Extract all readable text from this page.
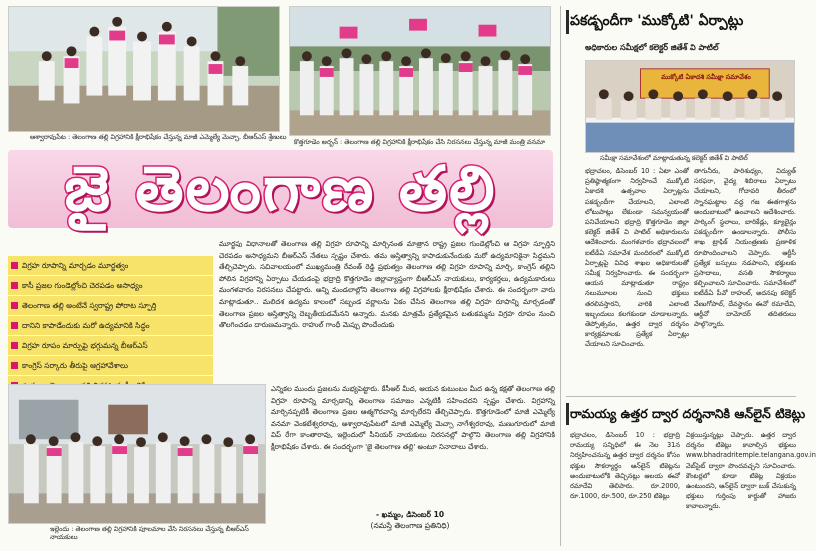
ఆశ్వారావుపేట : తెలంగాణ తల్లి విగ్రహానికి క్షీరాభిషేకం చేస్తున్న మాజీ ఎమ్మెల్యే మెచ్చా, బీఆర్ఎస్ శ్రేణులు
కొత్తగూడెం అర్బన్ : తెలంగాణ తల్లి విగ్రహానికి క్షీరాభిషేకం చేసి నిరసనలు చేస్తున్న మాజీ మంత్రి వనమా
జై తెలంగాణ తల్లి
విగ్రహ రూపాన్ని మార్చడం మూర్ఖత్వం
కాసీ ప్రజల గుండెల్లోంచి చెరపడం అసాధ్యం
తెలంగాణ తల్లి అంటేనే స్వరాష్ట్ర పోరాట స్ఫూర్తి
దానిని కాపాడేందుకు మరో ఉద్యమానికి సిద్ధం
విగ్రహ రూపం మార్పుపై భగ్గుమన్న బీఆర్ఎస్
కాంగ్రెస్ సర్కారు తీరుపై ఆగ్రహావేశాలు

మూర్ఖపు విధానాలతో తెలంగాణ తల్లి విగ్రహ రూపాన్ని మార్చినంత మాత్రాన రాష్ట్ర ప్రజల గుండెల్లోంచి ఆ విగ్రహ స్ఫూర్తిని చెరపడం అసాధ్యమని బీఆర్ఎస్ నేతలు స్పష్టం చేశారు. తమ ఆస్తిత్వాన్ని కాపాడుకునేందుకు మరో ఉద్యమానికైనా సిద్ధమని తేల్చిచెప్పారు. సచివాలయంలో ముఖ్యమంత్రి రేవంత్ రెడ్డి ప్రభుత్వం తెలంగాణ తల్లి విగ్రహ రూపాన్ని మార్చి, కాంగ్రెస్ తల్లిని పోలిన విగ్రహాన్ని ఏర్పాటు చేయడంపై భద్రాద్రి కొత్తగూడెం జిల్లావ్యాప్తంగా బీఆర్ఎస్ నాయకులు, కార్యకర్తలు, ఉద్యమకారులు మంగళవారం నిరసనలు చేపట్టారు. అన్ని మండలాల్లోని తెలంగాణ తల్లి విగ్రహాలకు క్షీరాభిషేకం చేశారు. ఈ సందర్భంగా వారు మాట్లాడుతూ.. మలిదశ ఉద్యమ కాలంలో సబ్బండ వర్ణాలను ఏకం చేసిన తెలంగాణ తల్లి విగ్రహ రూపాన్ని మార్చడంతో తెలంగాణ ప్రజల ఆస్తిత్వాన్ని దెబ్బతీయడమేనని అన్నారు. మనకు మాత్రమే ప్రత్యేకమైన బతుకమ్మను విగ్రహ రూపం నుంచి తొలగించడం దారుణమన్నారు. రాహుల్ గాంధీ మెప్పు పొందేందుకు

ఇల్లెందు : తెలంగాణ తల్లి విగ్రహానికి పూలమాల వేసి నిరసనలు చేస్తున్న బీఆర్ఎస్ నాయకులు

ఎన్నికల ముందు ప్రజలను మభ్యపెట్టారు. కేసీఆర్ మీద, ఆయన కుటుంబం మీద ఉన్న కక్షతో తెలంగాణ తల్లి విగ్రహ రూపాన్ని మార్చడాన్ని తెలంగాణ సమాజం ఎన్నటికీ సహించదని స్పష్టం చేశారు. విగ్రహాన్ని మార్చినప్పటికీ తెలంగాణ ప్రజల ఆత్మగౌరవాన్ని మార్చలేరని తేల్చిచెప్పారు. కొత్తగూడెంలో మాజీ ఎమ్మెల్యే వనమా వెంకటేశ్వరరావు, అశ్వారావుపేటలో మాజీ ఎమ్మెల్యే మెచ్చా నాగేశ్వరరావు, మణుగూరులో మాజీ విప్ రేగా కాంతారావు, ఇల్లెందులో సీనియర్ నాయకులు నిరసనల్లో పాల్గొని తెలంగాణ తల్లి విగ్రహానికి క్షీరాభిషేకం చేశారు. ఈ సందర్భంగా 'జై తెలంగాణ తల్లి' అంటూ నినాదాలు చేశారు.

- ఖమ్మం, డిసెంబర్ 10
(నమస్తే తెలంగాణ ప్రతినిధి)
పకడ్బందీగా 'ముక్కోటి' ఏర్పాట్లు
అధికారుల సమీక్షలో కలెక్టర్ జితేశ్ వి పాటిల్
ముక్కోటి ఏకాదశి సమీక్షా సమావేశం
సమీక్షా సమావేశంలో మాట్లాడుతున్న కలెక్టర్ జితేశ్ వి పాటిల్

భద్రాచలం, డిసెంబర్ 10 : ఏటా ఎంతో ప్రతిష్ఠాత్మకంగా నిర్వహించే ముక్కోటి ఏకాదశి ఉత్సవాల ఏర్పాట్లను పకడ్బందీగా చేయాలని, ఎలాంటి లోటుపాట్లు లేకుండా సమన్వయంతో పనిచేయాలని భద్రాద్రి కొత్తగూడెం జిల్లా కలెక్టర్ జితేశ్ వి పాటిల్ అధికారులను ఆదేశించారు. మంగళవారం భద్రాచలంలో ఐటీడీఏ సమావేశ మందిరంలో ముక్కోటి ఏర్పాట్లపై వివిధ శాఖల అధికారులతో సమీక్ష నిర్వహించారు. ఈ సందర్భంగా ఆయన మాట్లాడుతూ రాష్ట్రం నలుమూలల నుంచి భక్తులు తరలివస్తారని, వారికి ఎలాంటి ఇబ్బందులు కలగకుండా చూడాలన్నారు. తెప్పోత్సవం, ఉత్తర ద్వార దర్శనం కార్యక్రమాలకు ప్రత్యేక ఏర్పాట్లు చేయాలని సూచించారు.

తాగునీరు, పారిశుధ్యం, విద్యుత్ సరఫరా, వైద్య శిబిరాలు ఏర్పాటు చేయాలని, గోదావరి తీరంలో స్నానఘట్టాల వద్ద గజ ఈతగాళ్లను అందుబాటులో ఉంచాలని ఆదేశించారు. పార్కింగ్ స్థలాలు, బారికేడ్లు, క్యూలైన్లు పకడ్బందీగా ఉండాలన్నారు. పోలీసు శాఖ ట్రాఫిక్ నియంత్రణకు ప్రణాళిక రూపొందించాలని చెప్పారు. ఆర్టీసీ ప్రత్యేక బస్సులు నడపాలని, భక్తులకు ప్రసాదాలు, వసతి సౌకర్యాలు కల్పించాలని సూచించారు. సమావేశంలో ఐటీడీఏ పీవో రాహుల్, అదనపు కలెక్టర్ వేణుగోపాల్, దేవస్థానం ఈవో రమాదేవి, ఆర్డీవో దామోదర్ తదితరులు పాల్గొన్నారు.

రామయ్య ఉత్తర ద్వార దర్శనానికి ఆన్‌లైన్ టికెట్లు

భద్రాచలం, డిసెంబర్ 10 : భద్రాద్రి రామయ్య సన్నిధిలో ఈ నెల 31న నిర్వహించనున్న ఉత్తర ద్వార దర్శనం కోసం భక్తుల సౌకర్యార్థం ఆన్‌లైన్ టికెట్లను అందుబాటులోకి తెచ్చినట్లు ఆలయ ఈవో రమాదేవి తెలిపారు. రూ.2000, రూ.1000, రూ.500, రూ.250 టికెట్లు

విక్రయిస్తున్నట్లు చెప్పారు. ఉత్తర ద్వార దర్శనం టికెట్లు కావాల్సిన భక్తులు www.bhadradritemple.telangana.gov.in వెబ్‌సైట్ ద్వారా పొందవచ్చని సూచించారు. కౌంటర్లలో కూడా టికెట్ల విక్రయం ఉంటుందని, ఆన్‌లైన్ ద్వారా బుక్ చేసుకున్న భక్తులు గుర్తింపు కార్డుతో హాజరు కావాలన్నారు.
